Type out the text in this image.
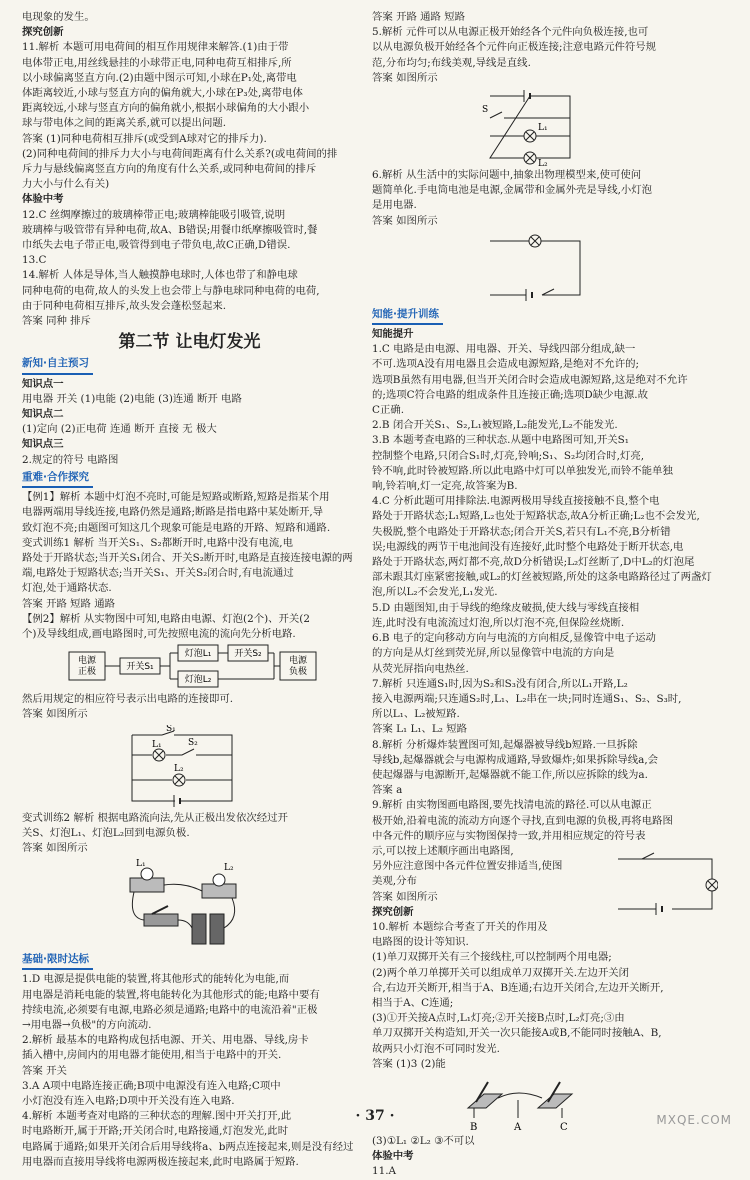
电现象的发生。

探究创新

11.解析 本题可用电荷间的相互作用规律来解答.(1)由于带

电体带正电,用丝线悬挂的小球带正电,同种电荷互相排斥,所

以小球偏离竖直方向.(2)由题中图示可知,小球在P₁处,离带电

体距离较近,小球与竖直方向的偏角就大,小球在P₃处,离带电体

距离较远,小球与竖直方向的偏角就小,根据小球偏角的大小跟小

球与带电体之间的距离关系,就可以提出问题.

答案 (1)同种电荷相互排斥(或受到A球对它的排斥力).

(2)同种电荷间的排斥力大小与电荷间距离有什么关系?(或电荷间的排

斥力与悬线偏离竖直方向的角度有什么关系,或同种电荷间的排斥

力大小与什么有关)

体验中考

12.C 丝绸摩擦过的玻璃棒带正电;玻璃棒能吸引吸管,说明

玻璃棒与吸管带有异种电荷,故A、B错误;用餐巾纸摩擦吸管时,餐

巾纸失去电子带正电,吸管得到电子带负电,故C正确,D错误.

13.C

14.解析 人体是导体,当人触摸静电球时,人体也带了和静电球

同种电荷的电荷,故人的头发上也会带上与静电球同种电荷的电荷,

由于同种电荷相互排斥,故头发会蓬松竖起来.

答案 同种 排斥

第二节 让电灯发光
新知·自主预习

知识点一

用电器 开关 (1)电能 (2)电能 (3)连通 断开 电路

知识点二

(1)定向 (2)正电荷 连通 断开 直接 无 极大

知识点三

2.规定的符号 电路图

重难·合作探究

【例1】解析 本题中灯泡不亮时,可能是短路或断路,短路是指某个用

电器两端用导线连接,电路仍然是通路;断路是指电路中某处断开,导

致灯泡不亮;由题图可知这几个现象可能是电路的开路、短路和通路.

变式训练1 解析 当开关S₁、S₂都断开时,电路中没有电流,电

路处于开路状态;当开关S₁闭合、开关S₂断开时,电路是直接连接电源的两

端,电路处于短路状态;当开关S₁、开关S₂闭合时,有电流通过

灯泡,处于通路状态.

答案 开路 短路 通路

【例2】解析 从实物图中可知,电路由电源、灯泡(2个)、开关(2

个)及导线组成,画电路图时,可先按照电流的流向先分析电路.

电源正极	开关S₁
灯泡L₁
灯泡L₂
开关S₂
电源负极

然后用规定的相应符号表示出电路的连接即可.

答案 如图所示

S₁
L₁	S₂
L₂

变式训练2 解析 根据电路流向法,先从正极出发依次经过开

关S、灯泡L₁、灯泡L₂回到电源负极.

答案 如图所示

L₁	L₂
基础·限时达标

1.D 电源是提供电能的装置,将其他形式的能转化为电能,而

用电器是消耗电能的装置,将电能转化为其他形式的能;电路中要有

持续电流,必须要有电源,电路必须是通路;电路中的电流沿着"正极

→用电器→负极"的方向流动.

2.解析 最基本的电路构成包括电源、开关、用电器、导线,房卡

插入槽中,房间内的用电器才能使用,相当于电路中的开关.

答案 开关

3.A A项中电路连接正确;B项中电源没有连入电路;C项中

小灯泡没有连入电路;D项中开关没有连入电路.

4.解析 本题考查对电路的三种状态的理解.图中开关打开,此

时电路断开,属于开路;开关闭合时,电路接通,灯泡发光,此时

电路属于通路;如果开关闭合后用导线将a、b两点连接起来,则是没有经过

用电器而直接用导线将电源两极连接起来,此时电路属于短路.

答案 开路 通路 短路

5.解析 元件可以从电源正极开始经各个元件向负极连接,也可

以从电源负极开始经各个元件向正极连接;注意电路元件符号规

范,分布均匀;布线美观,导线是直线.

答案 如图所示

S
L₁
L₂

6.解析 从生活中的实际问题中,抽象出物理模型来,使可使问

题简单化.手电筒电池是电源,金属带和金属外壳是导线,小灯泡

是用电器.

答案 如图所示

知能·提升训练

知能提升

1.C 电路是由电源、用电器、开关、导线四部分组成,缺一

不可.选项A没有用电器且会造成电源短路,是绝对不允许的;

选项B虽然有用电器,但当开关闭合时会造成电源短路,这是绝对不允许

的;选项C符合电路的组成条件且连接正确;选项D缺少电源.故

C正确.

2.B 闭合开关S₁、S₂,L₁被短路,L₂能发光,L₂不能发光.

3.B 本题考查电路的三种状态.从题中电路图可知,开关S₁

控制整个电路,只闭合S₁时,灯亮,铃响;S₁、S₂均闭合时,灯亮,

铃不响,此时铃被短路.所以此电路中灯可以单独发光,而铃不能单独

响,铃若响,灯一定亮,故答案为B.

4.C 分析此题可用排除法.电源两极用导线直接接触不良,整个电

路处于开路状态;L₁短路,L₂也处于短路状态,故A分析正确;L₂也不会发光,

失极脱,整个电路处于开路状态;闭合开关S,若只有L₁不亮,B分析错

误;电源线的两节干电池间没有连接好,此时整个电路处于断开状态,电

路处于开路状态,两灯都不亮,故D分析错误;L₂灯丝断了,D中L₂的灯泡尾

部未跟其灯座紧密接触,或L₂的灯丝被短路,所处的这条电路路径过了两盏灯

泡,所以L₂不会发光,L₁发光.

5.D 由题图知,由于导线的绝缘皮破损,使大线与零线直接相

连,此时没有电流流过灯泡,所以灯泡不亮,但保险丝烧断.

6.B 电子的定向移动方向与电流的方向相反,显像管中电子运动

的方向是从灯丝到荧光屏,所以显像管中电流的方向是

从荧光屏指向电热丝.

7.解析 只连通S₁时,因为S₂和S₃没有闭合,所以L₁开路,L₂

接入电源两端;只连通S₂时,L₁、L₂串在一块;同时连通S₁、S₂、S₃时,

所以L₁、L₂被短路.

答案 L₁ L₁、L₂ 短路

8.解析 分析爆炸装置图可知,起爆器被导线b短路.一旦拆除

导线b,起爆器就会与电源构成通路,导致爆炸;如果拆除导线a,会

使起爆器与电源断开,起爆器就不能工作,所以应拆除的线为a.

答案 a

9.解析 由实物图画电路图,要先找清电流的路径.可以从电源正

极开始,沿着电流的流动方向逐个寻找,直到电源的负极,再将电路图

中各元件的顺序应与实物图保持一致,并用相应规定的符号表

示,可以按上述顺序画出电路图,

另外应注意图中各元件位置安排适当,使图

美观,分布

答案 如图所示

探究创新

10.解析 本题综合考查了开关的作用及

电路图的设计等知识.

(1)单刀双掷开关有三个接线柱,可以控制两个用电器;

(2)两个单刀单掷开关可以组成单刀双掷开关.左边开关闭

合,右边开关断开,相当于A、B连通;右边开关闭合,左边开关断开,

相当于A、C连通;

(3)①开关接A点时,L₁灯亮;②开关接B点时,L₂灯亮;③由

单刀双掷开关构造知,开关一次只能接A或B,不能同时接触A、B,

故两只小灯泡不可同时发光.

答案 (1)3 (2)能

B	A	C

(3)①L₁ ②L₂ ③不可以

体验中考

11.A

· 37 ·	MXQE.COM
